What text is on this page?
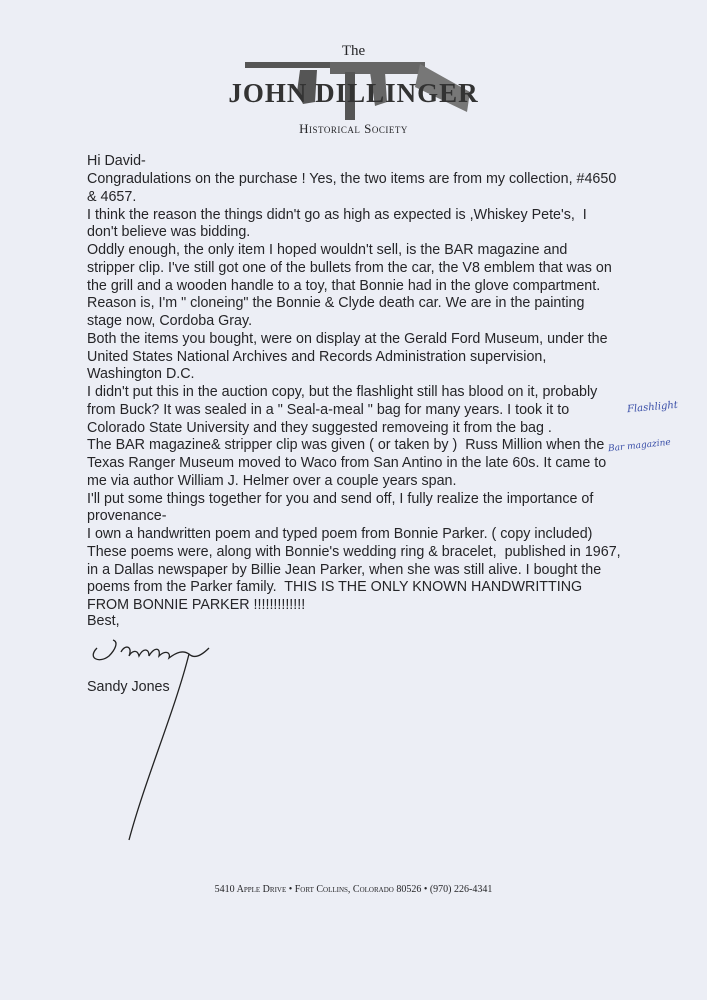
The
JOHN DILLINGER
Historical Society
Hi David-
Congradulations on the purchase ! Yes, the two items are from my collection, #4650
& 4657.
I think the reason the things didn't go as high as expected is ,Whiskey Pete's,  I
don't believe was bidding.
Oddly enough, the only item I hoped wouldn't sell, is the BAR magazine and
stripper clip. I've still got one of the bullets from the car, the V8 emblem that was on
the grill and a wooden handle to a toy, that Bonnie had in the glove compartment.
Reason is, I'm " cloneing" the Bonnie & Clyde death car. We are in the painting
stage now, Cordoba Gray.
Both the items you bought, were on display at the Gerald Ford Museum, under the
United States National Archives and Records Administration supervision,
Washington D.C.
I didn't put this in the auction copy, but the flashlight still has blood on it, probably
from Buck? It was sealed in a " Seal-a-meal " bag for many years. I took it to
Colorado State University and they suggested removeing it from the bag .
The BAR magazine& stripper clip was given ( or taken by )  Russ Million when the
Texas Ranger Museum moved to Waco from San Antino in the late 60s. It came to
me via author William J. Helmer over a couple years span.
I'll put some things together for you and send off, I fully realize the importance of
provenance-
I own a handwritten poem and typed poem from Bonnie Parker. ( copy included)
These poems were, along with Bonnie's wedding ring & bracelet,  published in 1967,
in a Dallas newspaper by Billie Jean Parker, when she was still alive. I bought the
poems from the Parker family.  THIS IS THE ONLY KNOWN HANDWRITTING
FROM BONNIE PARKER !!!!!!!!!!!!!
Best,
Sandy Jones
Flashlight
Bar magazine
5410 Apple Drive • Fort Collins, Colorado 80526 • (970) 226-4341
